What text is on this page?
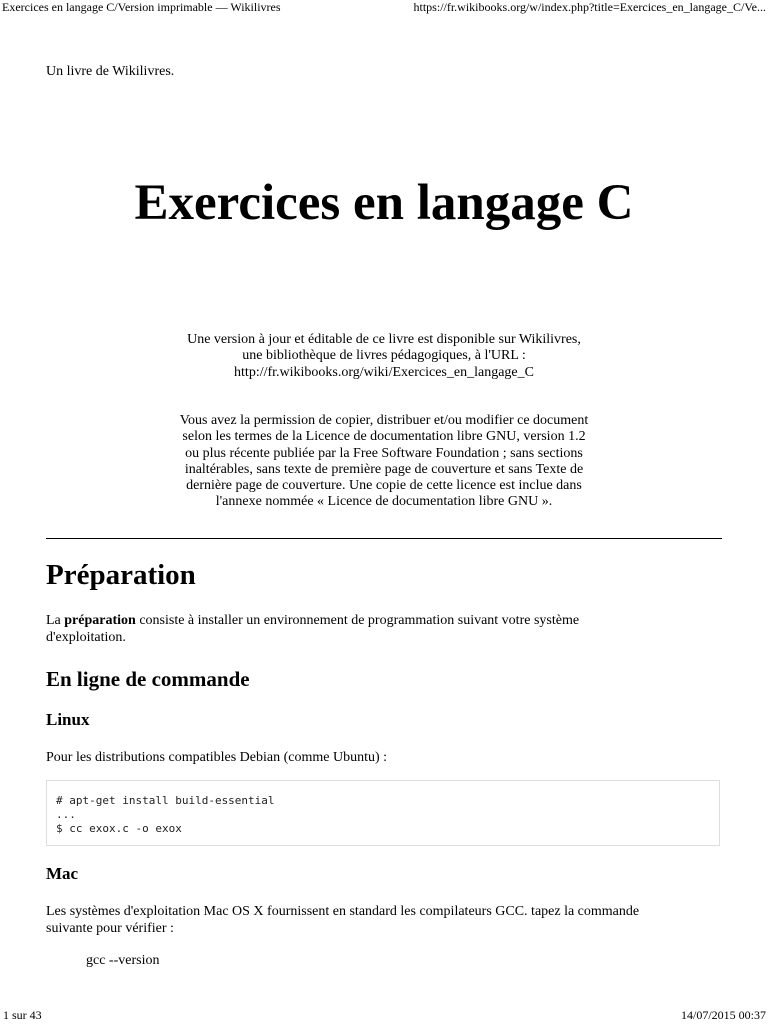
Exercices en langage C/Version imprimable — Wikilivres	https://fr.wikibooks.org/w/index.php?title=Exercices_en_langage_C/Ve...
Un livre de Wikilivres.
Exercices en langage C
Une version à jour et éditable de ce livre est disponible sur Wikilivres,
une bibliothèque de livres pédagogiques, à l'URL :
http://fr.wikibooks.org/wiki/Exercices_en_langage_C
Vous avez la permission de copier, distribuer et/ou modifier ce document
selon les termes de la Licence de documentation libre GNU, version 1.2
ou plus récente publiée par la Free Software Foundation ; sans sections
inaltérables, sans texte de première page de couverture et sans Texte de
dernière page de couverture. Une copie de cette licence est inclue dans
l'annexe nommée « Licence de documentation libre GNU ».
Préparation

La préparation consiste à installer un environnement de programmation suivant votre système
d'exploitation.

En ligne de commande
Linux

Pour les distributions compatibles Debian (comme Ubuntu) :

# apt-get install build-essential
...
$ cc exox.c -o exox
Mac

Les systèmes d'exploitation Mac OS X fournissent en standard les compilateurs GCC. tapez la commande
suivante pour vérifier :

gcc --version

1 sur 43	14/07/2015 00:37
